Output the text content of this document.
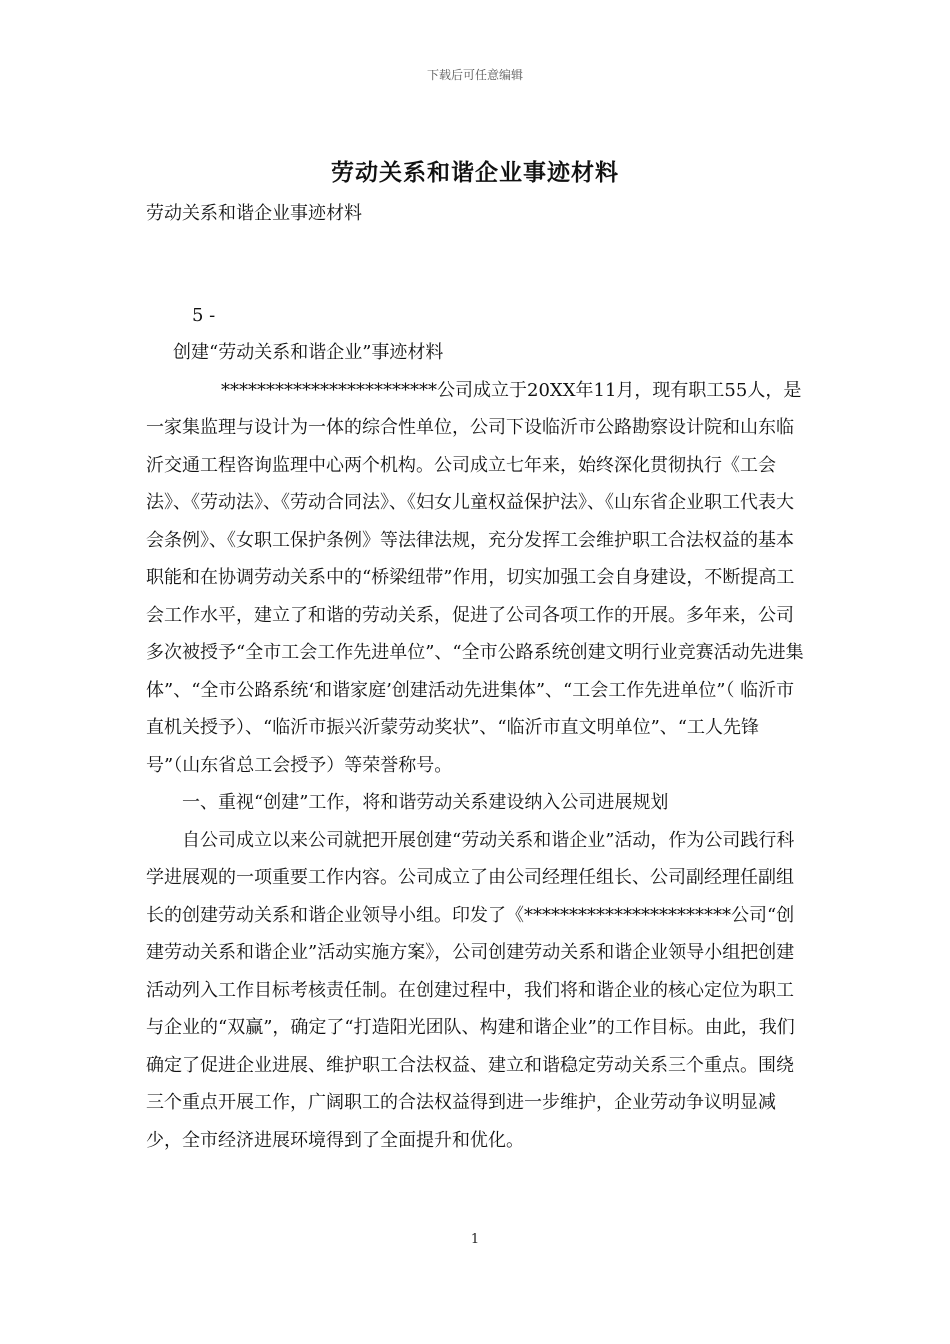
下载后可任意编辑
劳动关系和谐企业事迹材料

劳动关系和谐企业事迹材料

5 -

创建“劳动关系和谐企业”事迹材料

************************公司成立于20XX年11月，现有职工55人，是一家集监理与设计为一体的综合性单位，公司下设临沂市公路勘察设计院和山东临沂交通工程咨询监理中心两个机构。公司成立七年来，始终深化贯彻执行《工会法》、《劳动法》、《劳动合同法》、《妇女儿童权益保护法》、《山东省企业职工代表大会条例》、《女职工保护条例》等法律法规，充分发挥工会维护职工合法权益的基本职能和在协调劳动关系中的“桥梁纽带”作用，切实加强工会自身建设，不断提高工会工作水平，建立了和谐的劳动关系，促进了公司各项工作的开展。多年来，公司多次被授予“全市工会工作先进单位”、“全市公路系统创建文明行业竞赛活动先进集体”、“全市公路系统‘和谐家庭’创建活动先进集体”、“工会工作先进单位”（ 临沂市直机关授予）、“临沂市振兴沂蒙劳动奖状”、“临沂市直文明单位”、“工人先锋号”（山东省总工会授予）等荣誉称号。

一、重视“创建”工作，将和谐劳动关系建设纳入公司进展规划

自公司成立以来公司就把开展创建“劳动关系和谐企业”活动，作为公司践行科学进展观的一项重要工作内容。公司成立了由公司经理任组长、公司副经理任副组长的创建劳动关系和谐企业领导小组。印发了《***********************公司“创建劳动关系和谐企业”活动实施方案》，公司创建劳动关系和谐企业领导小组把创建活动列入工作目标考核责任制。在创建过程中，我们将和谐企业的核心定位为职工与企业的“双赢”，确定了“打造阳光团队、构建和谐企业”的工作目标。由此，我们确定了促进企业进展、维护职工合法权益、建立和谐稳定劳动关系三个重点。围绕三个重点开展工作，广阔职工的合法权益得到进一步维护，企业劳动争议明显减少，全市经济进展环境得到了全面提升和优化。

1
